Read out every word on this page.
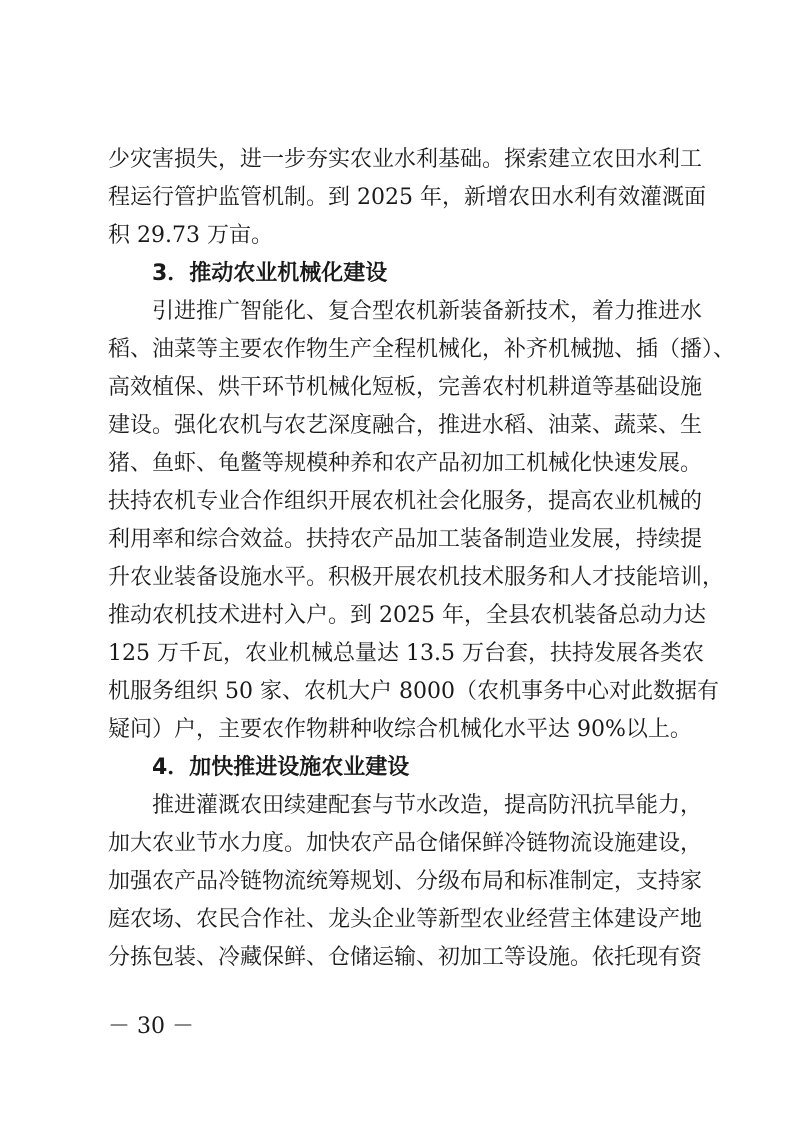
少灾害损失，进一步夯实农业水利基础。探索建立农田水利工
程运行管护监管机制。到 2025 年，新增农田水利有效灌溉面
积 29.73 万亩。
3．推动农业机械化建设
引进推广智能化、复合型农机新装备新技术，着力推进水
稻、油菜等主要农作物生产全程机械化，补齐机械抛、插（播）、
高效植保、烘干环节机械化短板，完善农村机耕道等基础设施
建设。强化农机与农艺深度融合，推进水稻、油菜、蔬菜、生
猪、鱼虾、龟鳖等规模种养和农产品初加工机械化快速发展。
扶持农机专业合作组织开展农机社会化服务，提高农业机械的
利用率和综合效益。扶持农产品加工装备制造业发展，持续提
升农业装备设施水平。积极开展农机技术服务和人才技能培训，
推动农机技术进村入户。到 2025 年，全县农机装备总动力达
125 万千瓦，农业机械总量达 13.5 万台套，扶持发展各类农
机服务组织 50 家、农机大户 8000（农机事务中心对此数据有
疑问）户，主要农作物耕种收综合机械化水平达 90%以上。
4．加快推进设施农业建设
推进灌溉农田续建配套与节水改造，提高防汛抗旱能力，
加大农业节水力度。加快农产品仓储保鲜冷链物流设施建设，
加强农产品冷链物流统筹规划、分级布局和标准制定，支持家
庭农场、农民合作社、龙头企业等新型农业经营主体建设产地
分拣包装、冷藏保鲜、仓储运输、初加工等设施。依托现有资
－ 30 －
